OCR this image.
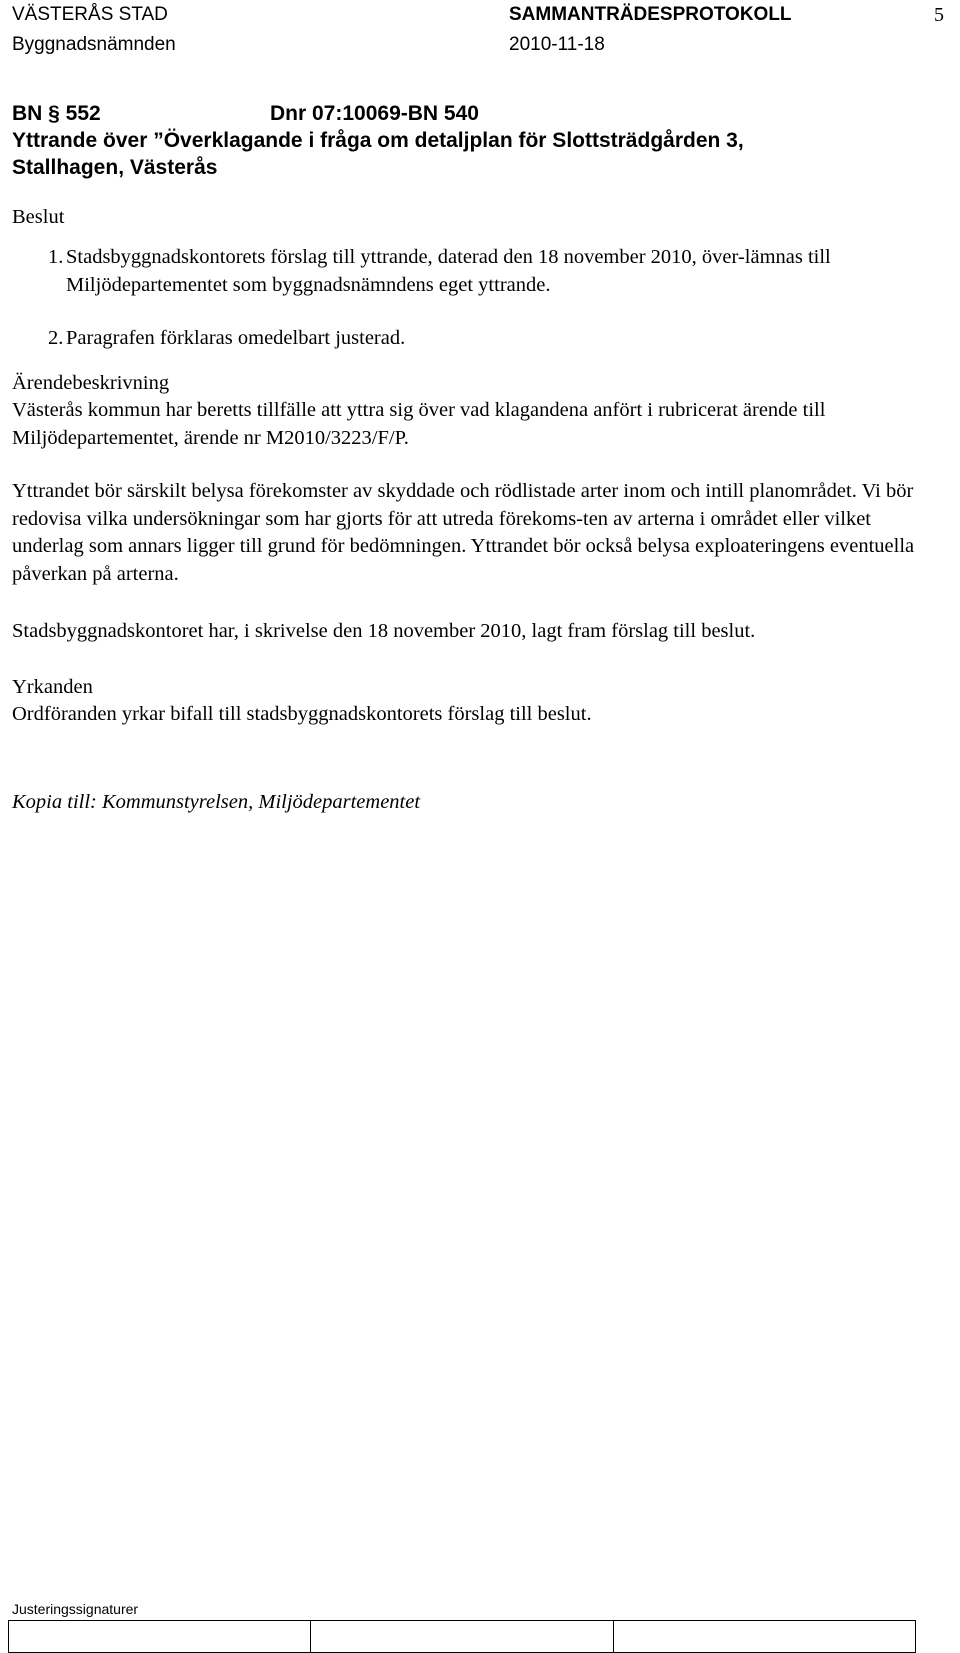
VÄSTERÅS STAD
Byggnadsnämnden
SAMMANTRÄDESPROTOKOLL
2010-11-18
5
BN § 552	Dnr 07:10069-BN 540
Yttrande över ”Överklagande i fråga om detaljplan för Slottsträdgården 3,
Stallhagen, Västerås
Beslut
1. Stadsbyggnadskontorets förslag till yttrande, daterad den 18 november 2010, över-lämnas till Miljödepartementet som byggnadsnämndens eget yttrande.
2. Paragrafen förklaras omedelbart justerad.
Ärendebeskrivning

Västerås kommun har beretts tillfälle att yttra sig över vad klagandena anfört i rubricerat ärende till Miljödepartementet, ärende nr M2010/3223/F/P.

Yttrandet bör särskilt belysa förekomster av skyddade och rödlistade arter inom och intill planområdet. Vi bör redovisa vilka undersökningar som har gjorts för att utreda förekoms-ten av arterna i området eller vilket underlag som annars ligger till grund för bedömningen. Yttrandet bör också belysa exploateringens eventuella påverkan på arterna.

Stadsbyggnadskontoret har, i skrivelse den 18 november 2010, lagt fram förslag till beslut.

Yrkanden

Ordföranden yrkar bifall till stadsbyggnadskontorets förslag till beslut.

Kopia till: Kommunstyrelsen, Miljödepartementet
Justeringssignaturer
